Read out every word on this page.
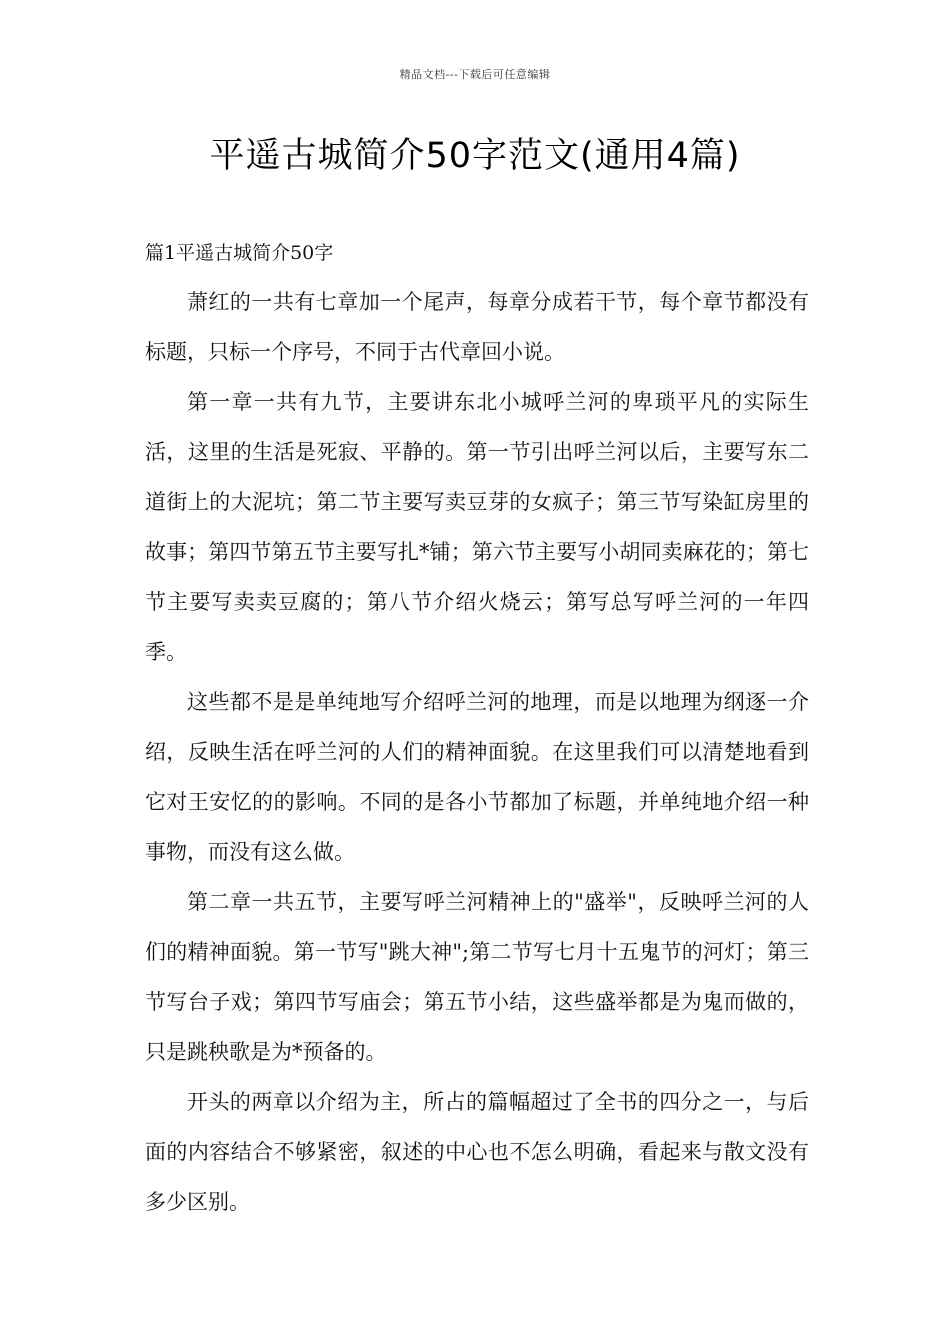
精品文档---下载后可任意编辑
平遥古城简介50字范文(通用4篇)
篇1平遥古城简介50字

萧红的一共有七章加一个尾声，每章分成若干节，每个章节都没有标题，只标一个序号，不同于古代章回小说。

第一章一共有九节，主要讲东北小城呼兰河的卑琐平凡的实际生活，这里的生活是死寂、平静的。第一节引出呼兰河以后，主要写东二道街上的大泥坑；第二节主要写卖豆芽的女疯子；第三节写染缸房里的故事；第四节第五节主要写扎*铺；第六节主要写小胡同卖麻花的；第七节主要写卖卖豆腐的；第八节介绍火烧云；第写总写呼兰河的一年四季。

这些都不是是单纯地写介绍呼兰河的地理，而是以地理为纲逐一介绍，反映生活在呼兰河的人们的精神面貌。在这里我们可以清楚地看到它对王安忆的的影响。不同的是各小节都加了标题，并单纯地介绍一种事物，而没有这么做。

第二章一共五节，主要写呼兰河精神上的"盛举"，反映呼兰河的人们的精神面貌。第一节写"跳大神";第二节写七月十五鬼节的河灯；第三节写台子戏；第四节写庙会；第五节小结，这些盛举都是为鬼而做的，只是跳秧歌是为*预备的。

开头的两章以介绍为主，所占的篇幅超过了全书的四分之一，与后面的内容结合不够紧密，叙述的中心也不怎么明确，看起来与散文没有多少区别。
